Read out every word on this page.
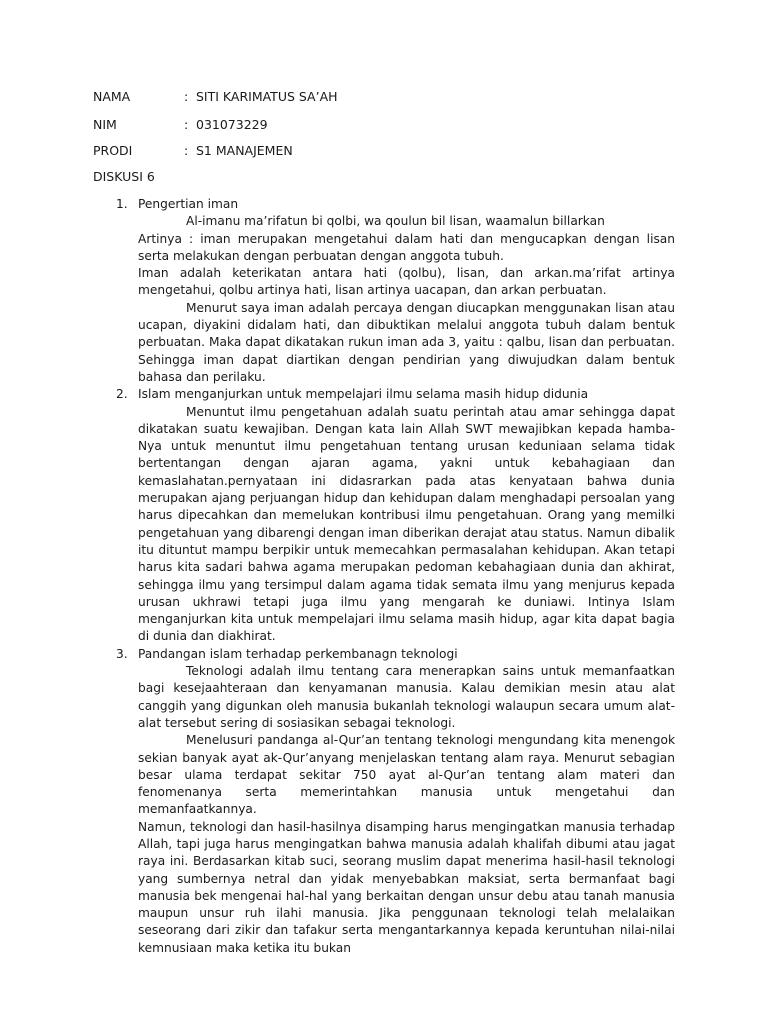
NAMA	: SITI KARIMATUS SA’AH
NIM	: 031073229
PRODI	: S1 MANAJEMEN
DISKUSI 6
1. Pengertian iman

Al-imanu ma’rifatun bi qolbi, wa qoulun bil lisan, waamalun billarkan

Artinya : iman merupakan mengetahui dalam hati dan mengucapkan dengan lisan serta melakukan dengan perbuatan dengan anggota tubuh.

Iman adalah keterikatan antara hati (qolbu), lisan, dan arkan.ma’rifat artinya mengetahui, qolbu artinya hati, lisan artinya uacapan, dan arkan perbuatan.

Menurut saya iman adalah percaya dengan diucapkan menggunakan lisan atau ucapan, diyakini didalam hati, dan dibuktikan melalui anggota tubuh dalam bentuk perbuatan. Maka dapat dikatakan rukun iman ada 3, yaitu : qalbu, lisan dan perbuatan. Sehingga iman dapat diartikan dengan pendirian yang diwujudkan dalam bentuk bahasa dan perilaku.

2. Islam menganjurkan untuk mempelajari ilmu selama masih hidup didunia

Menuntut ilmu pengetahuan adalah suatu perintah atau amar sehingga dapat dikatakan suatu kewajiban. Dengan kata lain Allah SWT mewajibkan kepada hamba-Nya untuk menuntut ilmu pengetahuan tentang urusan keduniaan selama tidak bertentangan dengan ajaran agama, yakni untuk kebahagiaan dan kemaslahatan.pernyataan ini didasrarkan pada atas kenyataan bahwa dunia merupakan ajang perjuangan hidup dan kehidupan dalam menghadapi persoalan yang harus dipecahkan dan memelukan kontribusi ilmu pengetahuan. Orang yang memilki pengetahuan yang dibarengi dengan iman diberikan derajat atau status. Namun dibalik itu dituntut mampu berpikir untuk memecahkan permasalahan kehidupan. Akan tetapi harus kita sadari bahwa agama merupakan pedoman kebahagiaan dunia dan akhirat, sehingga ilmu yang tersimpul dalam agama tidak semata ilmu yang menjurus kepada urusan ukhrawi tetapi juga ilmu yang mengarah ke duniawi. Intinya Islam menganjurkan kita untuk mempelajari ilmu selama masih hidup, agar kita dapat bagia di dunia dan diakhirat.

3. Pandangan islam terhadap perkembanagn teknologi

Teknologi adalah ilmu tentang cara menerapkan sains untuk memanfaatkan bagi kesejaahteraan dan kenyamanan manusia. Kalau demikian mesin atau alat canggih yang digunkan oleh manusia bukanlah teknologi walaupun secara umum alat-alat tersebut sering di sosiasikan sebagai teknologi.

Menelusuri pandanga al-Qur’an tentang teknologi mengundang kita menengok sekian banyak ayat ak-Qur’anyang menjelaskan tentang alam raya. Menurut sebagian besar ulama terdapat sekitar 750 ayat al-Qur’an tentang alam materi dan fenomenanya serta memerintahkan manusia untuk mengetahui dan memanfaatkannya.

Namun, teknologi dan hasil-hasilnya disamping harus mengingatkan manusia terhadap Allah, tapi juga harus mengingatkan bahwa manusia adalah khalifah dibumi atau jagat raya ini. Berdasarkan kitab suci, seorang muslim dapat menerima hasil-hasil teknologi yang sumbernya netral dan yidak menyebabkan maksiat, serta bermanfaat bagi manusia bek mengenai hal-hal yang berkaitan dengan unsur debu atau tanah manusia maupun unsur ruh ilahi manusia. Jika penggunaan teknologi telah melalaikan seseorang dari zikir dan tafakur serta mengantarkannya kepada keruntuhan nilai-nilai kemnusiaan maka ketika itu bukan
